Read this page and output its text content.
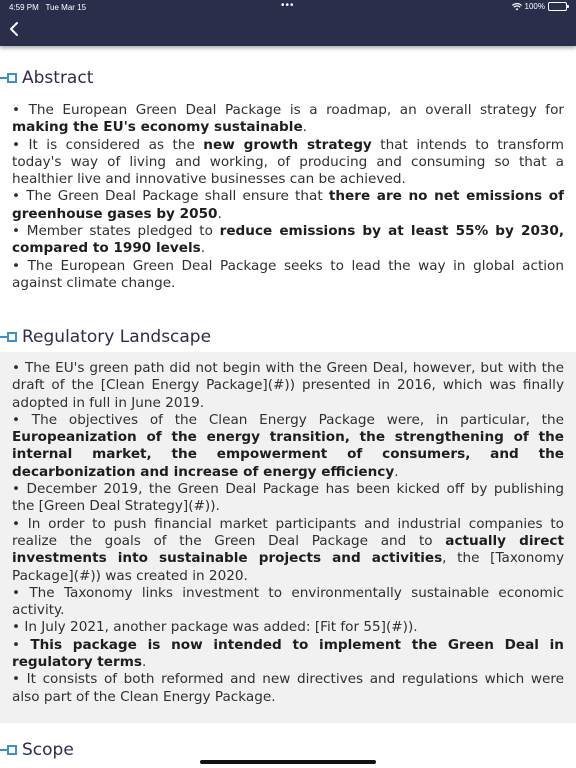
4:59 PM Tue Mar 15	•••	100%
Abstract

• The European Green Deal Package is a roadmap, an overall strategy for making the EU's economy sustainable.

• It is considered as the new growth strategy that intends to transform today's way of living and working, of producing and consuming so that a healthier live and innovative businesses can be achieved.

• The Green Deal Package shall ensure that there are no net emissions of greenhouse gases by 2050.

• Member states pledged to reduce emissions by at least 55% by 2030, compared to 1990 levels.

• The European Green Deal Package seeks to lead the way in global action against climate change.

Regulatory Landscape

• The EU's green path did not begin with the Green Deal, however, but with the draft of the [Clean Energy Package](#)) presented in 2016, which was finally adopted in full in June 2019.

• The objectives of the Clean Energy Package were, in particular, the Europeanization of the energy transition, the strengthening of the internal market, the empowerment of consumers, and the decarbonization and increase of energy efficiency.

• December 2019, the Green Deal Package has been kicked off by publishing the [Green Deal Strategy](#)).

• In order to push financial market participants and industrial companies to realize the goals of the Green Deal Package and to actually direct investments into sustainable projects and activities, the [Taxonomy Package](#)) was created in 2020.

• The Taxonomy links investment to environmentally sustainable economic activity.

• In July 2021, another package was added: [Fit for 55](#)).

• This package is now intended to implement the Green Deal in regulatory terms.

• It consists of both reformed and new directives and regulations which were also part of the Clean Energy Package.

Scope
